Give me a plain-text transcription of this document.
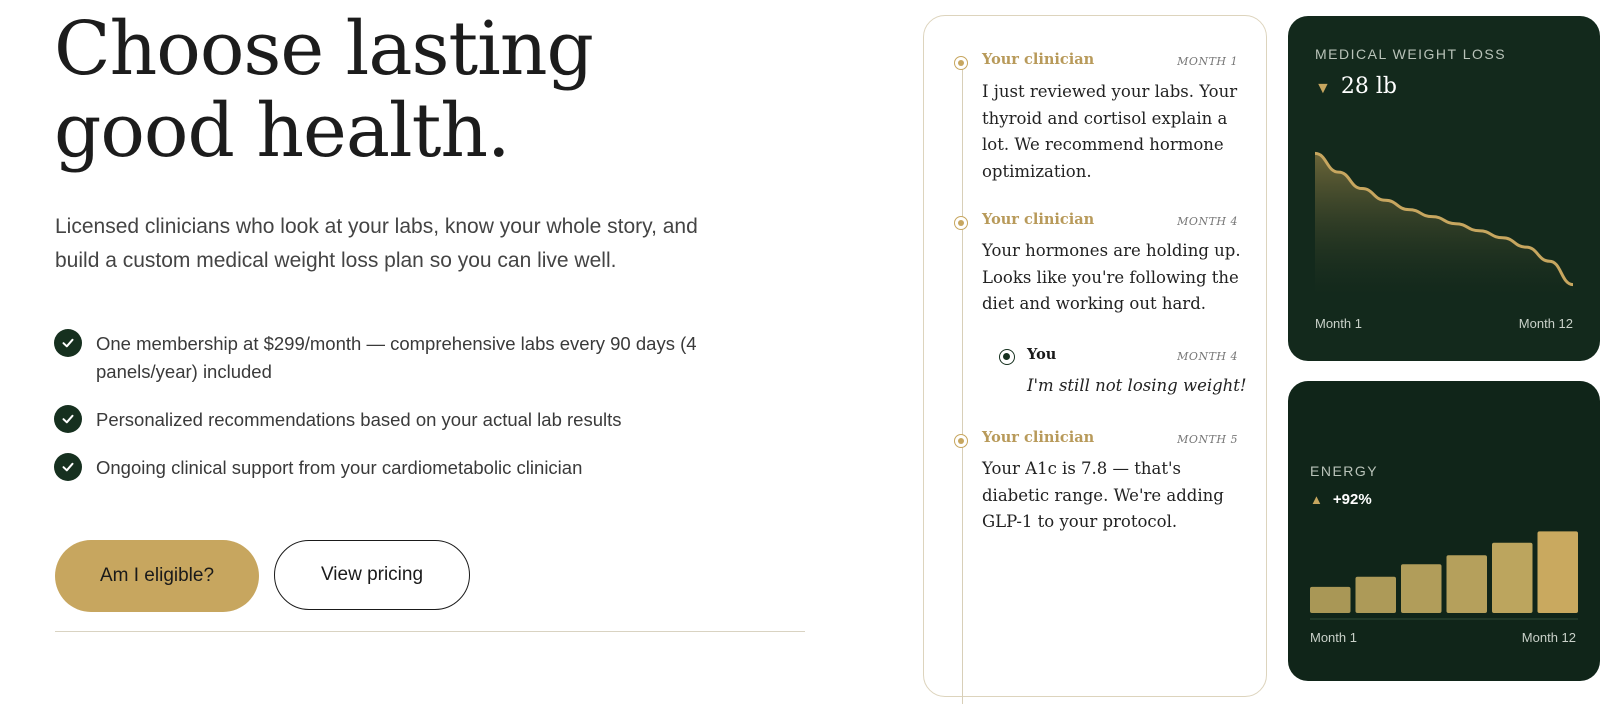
Choose lasting
good health.

Licensed clinicians who look at your labs, know your whole story, and build a custom medical weight loss plan so you can live well.

One membership at $299/month — comprehensive labs every 90 days (4 panels/year) included
Personalized recommendations based on your actual lab results
Ongoing clinical support from your cardiometabolic clinician
Am I eligible?	View pricing
Your clinician	MONTH 1
I just reviewed your labs. Your thyroid and cortisol explain a lot. We recommend hormone optimization.
Your clinician	MONTH 4
Your hormones are holding up. Looks like you're following the diet and working out hard.
You	MONTH 4
I'm still not losing weight!
Your clinician	MONTH 5
Your A1c is 7.8 — that's diabetic range. We're adding GLP-1 to your protocol.
MEDICAL WEIGHT LOSS
▼ 28 lb
Month 1	Month 12
ENERGY
▲ +92%
Month 1	Month 12
